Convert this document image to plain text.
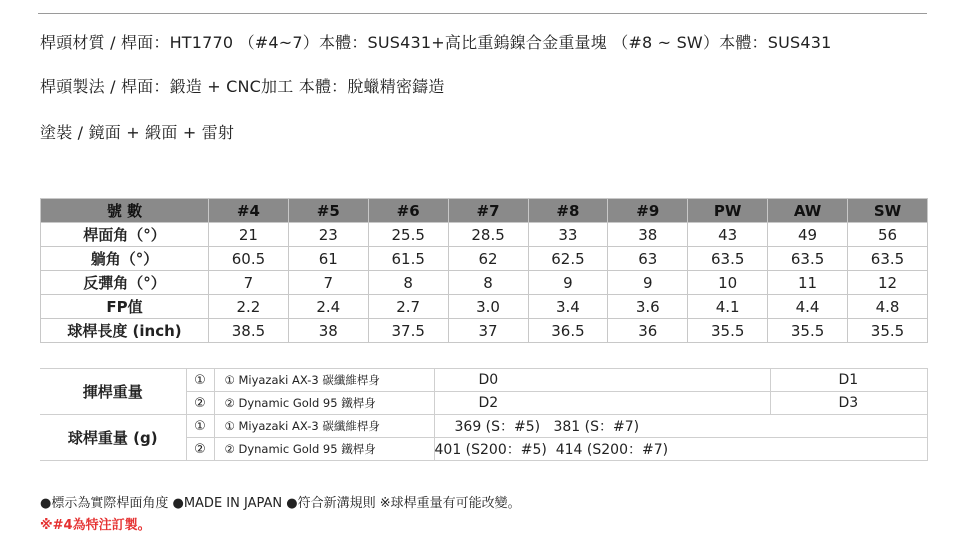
桿頭材質 / 桿面：HT1770 （#4~7）本體：SUS431+高比重鎢鎳合金重量塊 （#8 ~ SW）本體：SUS431
桿頭製法 / 桿面：鍛造 + CNC加工 本體：脫蠟精密鑄造
塗裝 / 鏡面 + 緞面 + 雷射
號 數	#4	#5	#6	#7	#8	#9	PW	AW	SW
桿面角（°）	21	23	25.5	28.5	33	38	43	49	56
躺角（°）	60.5	61	61.5	62	62.5	63	63.5	63.5	63.5
反彈角（°）	7	7	8	8	9	9	10	11	12
FP值	2.2	2.4	2.7	3.0	3.4	3.6	4.1	4.4	4.8
球桿長度 (inch)	38.5	38	37.5	37	36.5	36	35.5	35.5	35.5
揮桿重量	①	① Miyazaki AX-3 碳纖維桿身	D0	D1
	②	② Dynamic Gold 95 鐵桿身	D2	D3
球桿重量 (g)	①	① Miyazaki AX-3 碳纖維桿身	369 (S：#5)   381 (S：#7)	
	②	② Dynamic Gold 95 鐵桿身	401 (S200：#5)  414 (S200：#7)	
●標示為實際桿面角度 ●MADE IN JAPAN ●符合新溝規則 ※球桿重量有可能改變。
※#4為特注訂製。
